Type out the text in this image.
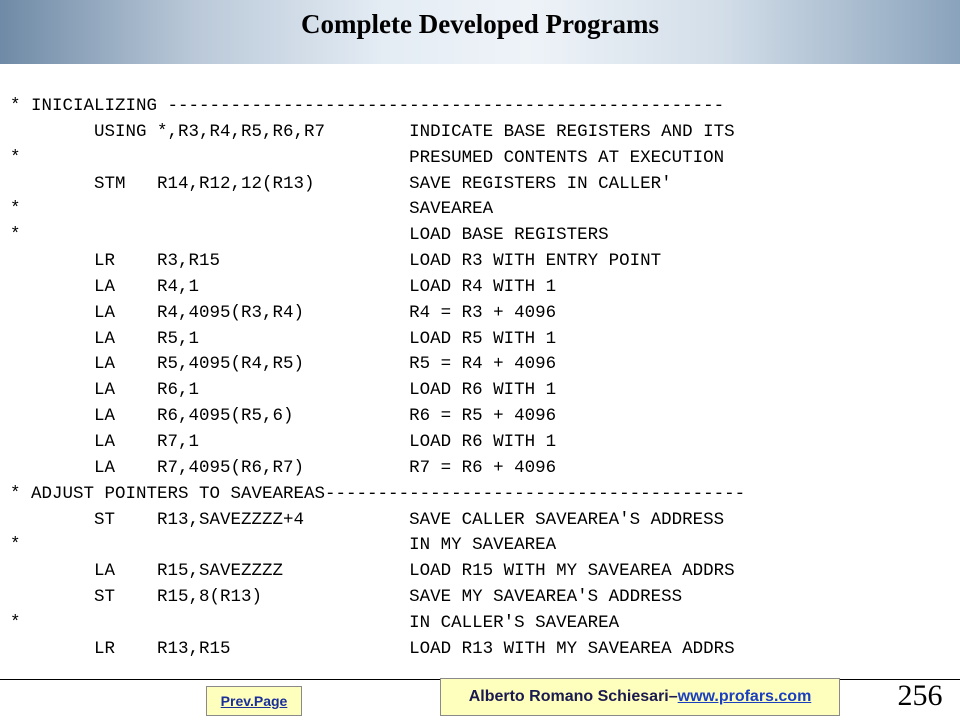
Complete Developed Programs
* INICIALIZING -----------------------------------------------------
USING *,R3,R4,R5,R6,R7        INDICATE BASE REGISTERS AND ITS
*                                     PRESUMED CONTENTS AT EXECUTION
STM   R14,R12,12(R13)         SAVE REGISTERS IN CALLER'
*                                     SAVEAREA
*                                     LOAD BASE REGISTERS
LR    R3,R15                  LOAD R3 WITH ENTRY POINT
LA    R4,1                    LOAD R4 WITH 1
LA    R4,4095(R3,R4)          R4 = R3 + 4096
LA    R5,1                    LOAD R5 WITH 1
LA    R5,4095(R4,R5)          R5 = R4 + 4096
LA    R6,1                    LOAD R6 WITH 1
LA    R6,4095(R5,6)           R6 = R5 + 4096
LA    R7,1                    LOAD R6 WITH 1
LA    R7,4095(R6,R7)          R7 = R6 + 4096
* ADJUST POINTERS TO SAVEAREAS----------------------------------------
ST    R13,SAVEZZZZ+4          SAVE CALLER SAVEAREA'S ADDRESS
*                                     IN MY SAVEAREA
LA    R15,SAVEZZZZ            LOAD R15 WITH MY SAVEAREA ADDRS
ST    R15,8(R13)              SAVE MY SAVEAREA'S ADDRESS
*                                     IN CALLER'S SAVEAREA
LR    R13,R15                 LOAD R13 WITH MY SAVEAREA ADDRS
Prev.Page	Alberto Romano Schiesari – www.profars.com	256
